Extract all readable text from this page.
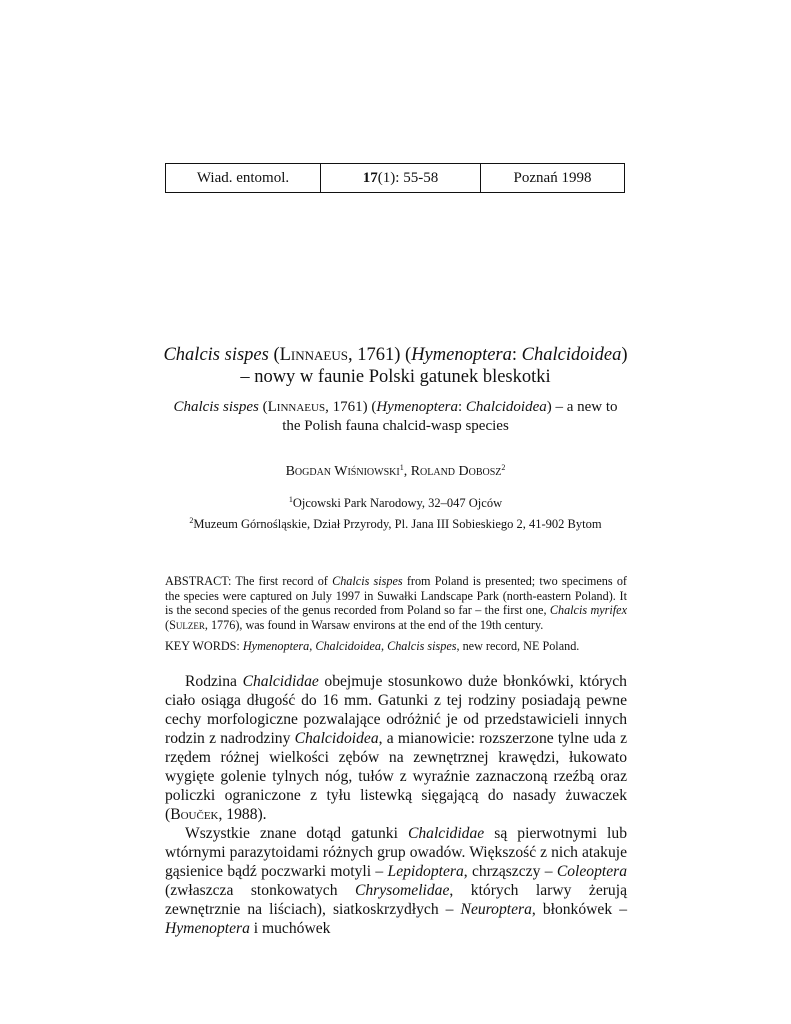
Wiad. entomol.	17 (1): 55-58	Poznań 1998
Chalcis sispes (Linnaeus, 1761) (Hymenoptera: Chalcidoidea)
– nowy w faunie Polski gatunek bleskotki
Chalcis sispes (Linnaeus, 1761) (Hymenoptera: Chalcidoidea) – a new to
the Polish fauna chalcid-wasp species
Bogdan Wiśniowski$^1$, Roland Dobosz$^2$
$^1$Ojcowski Park Narodowy, 32–047 Ojców
$^2$Muzeum Górnośląskie, Dział Przyrody, Pl. Jana III Sobieskiego 2, 41-902 Bytom
ABSTRACT: The first record of Chalcis sispes from Poland is presented; two specimens of the species were captured on July 1997 in Suwałki Landscape Park (north-eastern Poland). It is the second species of the genus recorded from Poland so far – the first one, Chalcis myrifex (Sulzer, 1776), was found in Warsaw environs at the end of the 19th century.
KEY WORDS: Hymenoptera, Chalcidoidea, Chalcis sispes, new record, NE Poland.

Rodzina Chalcididae obejmuje stosunkowo duże błonkówki, których ciało osiąga długość do 16 mm. Gatunki z tej rodziny posiadają pewne cechy morfologiczne pozwalające odróżnić je od przedstawicieli innych rodzin z nadrodziny Chalcidoidea, a mianowicie: rozszerzone tylne uda z rzędem różnej wielkości zębów na zewnętrznej krawędzi, łukowato wygięte golenie tylnych nóg, tułów z wyraźnie zaznaczoną rzeźbą oraz policzki ograniczone z tyłu listewką sięgającą do nasady żuwaczek (Bouček, 1988).

Wszystkie znane dotąd gatunki Chalcididae są pierwotnymi lub wtórnymi parazytoidami różnych grup owadów. Większość z nich atakuje gąsienice bądź poczwarki motyli – Lepidoptera, chrząszczy – Coleoptera (zwłaszcza stonkowatych Chrysomelidae, których larwy żerują zewnętrznie na liściach), siatkoskrzydłych – Neuroptera, błonkówek – Hymenoptera i muchówek
